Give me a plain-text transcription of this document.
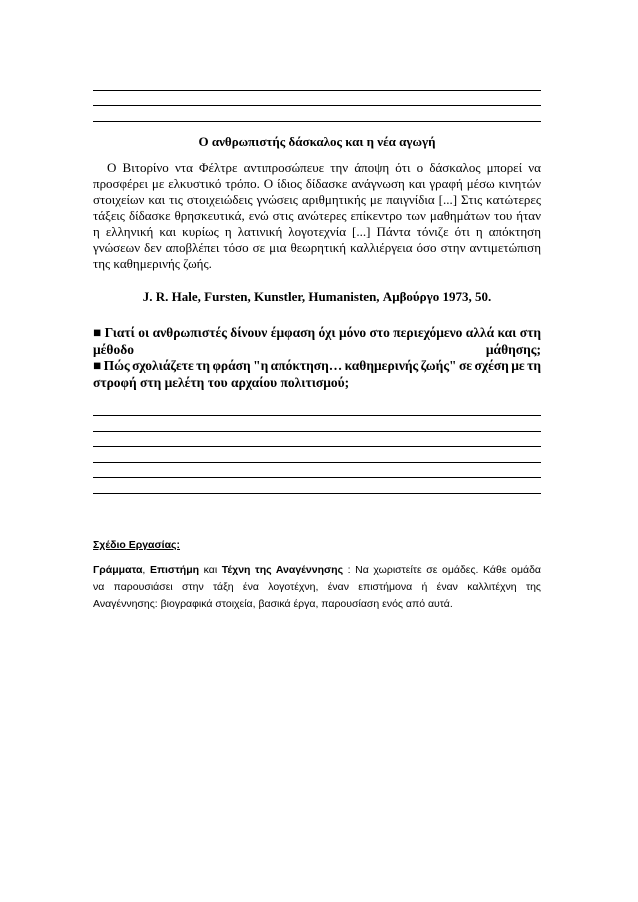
Ο ανθρωπιστής δάσκαλος και η νέα αγωγή
Ο Βιτορίνο ντα Φέλτρε αντιπροσώπευε την άποψη ότι ο δάσκαλος μπορεί να
προσφέρει με ελκυστικό τρόπο. Ο ίδιος δίδασκε ανάγνωση και γραφή μέσω κινητών
στοιχείων και τις στοιχειώδεις γνώσεις αριθμητικής με παιγνίδια [...] Στις κατώτερες
τάξεις δίδασκε θρησκευτικά, ενώ στις ανώτερες επίκεντρο των μαθημάτων του ήταν
η ελληνική και κυρίως η λατινική λογοτεχνία [...] Πάντα τόνιζε ότι η απόκτηση
γνώσεων δεν αποβλέπει τόσο σε μια θεωρητική καλλιέργεια όσο στην αντιμετώπιση
της καθημερινής ζωής.
J. R. Hale, Fursten, Kunstler, Humanisten, Αμβούργο 1973, 50.
■ Γιατί οι ανθρωπιστές δίνουν έμφαση όχι μόνο στο περιεχόμενο αλλά και στη
μέθοδο μάθησης;
■ Πώς σχολιάζετε τη φράση "η απόκτηση… καθημερινής ζωής" σε σχέση με τη
στροφή στη μελέτη του αρχαίου πολιτισμού;
Σχέδιο Εργασίας:
Γράμματα, Επιστήμη και Τέχνη της Αναγέννησης : Να χωριστείτε σε ομάδες. Κάθε ομάδα
να παρουσιάσει στην τάξη ένα λογοτέχνη, έναν επιστήμονα ή έναν καλλιτέχνη της
Αναγέννησης: βιογραφικά στοιχεία, βασικά έργα, παρουσίαση ενός από αυτά.
